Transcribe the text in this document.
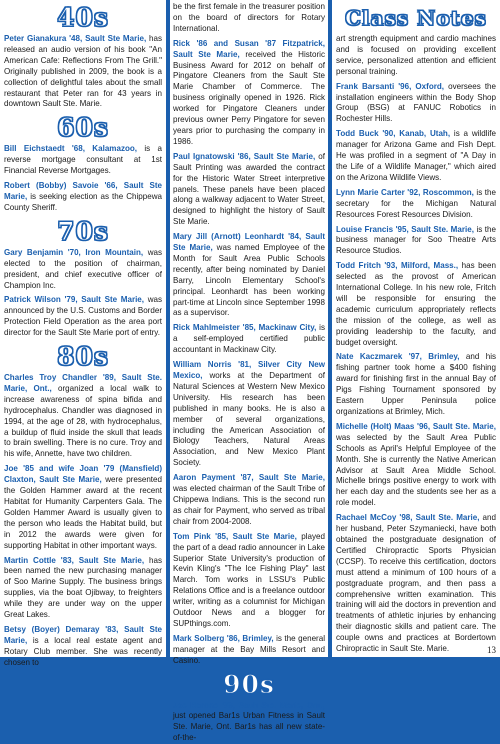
40s

Peter Gianakura '48, Sault Ste Marie, has released an audio version of his book "An American Cafe: Reflections From The Grill." Originally published in 2009, the book is a collection of delightful tales about the small restaurant that Peter ran for 43 years in downtown Sault Ste. Marie.

60s

Bill Eichstaedt '68, Kalamazoo, is a reverse mortgage consultant at 1st Financial Reverse Mortgages.

Robert (Bobby) Savoie '66, Sault Ste Marie, is seeking election as the Chippewa County Sheriff.

70s

Gary Benjamin '70, Iron Mountain, was elected to the position of chairman, president, and chief executive officer of Champion Inc.

Patrick Wilson '79, Sault Ste Marie, was announced by the U.S. Customs and Border Protection Field Operation as the area port director for the Sault Ste Marie port of entry.

80s

Charles Troy Chandler '89, Sault Ste. Marie, Ont., organized a local walk to increase awareness of spina bifida and hydrocephalus. Chandler was diagnosed in 1994, at the age of 28, with hydrocephalus, a buildup of fluid inside the skull that leads to brain swelling. There is no cure. Troy and his wife, Annette, have two children.

Joe '85 and wife Joan '79 (Mansfield) Claxton, Sault Ste Marie, were presented the Golden Hammer award at the recent Habitat for Humanity Carpenters Gala. The Golden Hammer Award is usually given to the person who leads the Habitat build, but in 2012 the awards were given for supporting Habitat in other important ways.

Martin Cottle '83, Sault Ste Marie, has been named the new purchasing manager of Soo Marine Supply. The business brings supplies, via the boat Ojibway, to freighters while they are under way on the upper Great Lakes.

Betsy (Boyer) Demaray '83, Sault Ste Marie, is a local real estate agent and Rotary Club member. She was recently chosen to

be the first female in the treasurer position on the board of directors for Rotary International.

Rick '86 and Susan '87 Fitzpatrick, Sault Ste Marie, received the Historic Business Award for 2012 on behalf of Pingatore Cleaners from the Sault Ste Marie Chamber of Commerce. The business originally opened in 1926. Rick worked for Pingatore Cleaners under previous owner Perry Pingatore for seven years prior to purchasing the company in 1986.

Paul Ignatowski '86, Sault Ste Marie, of Sault Printing was awarded the contract for the Historic Water Street interpretive panels. These panels have been placed along a walkway adjacent to Water Street, designed to highlight the history of Sault Ste Marie.

Mary Jill (Arnott) Leonhardt '84, Sault Ste Marie, was named Employee of the Month for Sault Area Public Schools recently, after being nominated by Daniel Barry, Lincoln Elementary School's principal. Leonhardt has been working part-time at Lincoln since September 1998 as a supervisor.

Rick Mahlmeister '85, Mackinaw City, is a self-employed certified public accountant in Mackinaw City.

William Norris '81, Silver City New Mexico, works at the Department of Natural Sciences at Western New Mexico University. His research has been published in many books. He is also a member of several organizations, including the American Association of Biology Teachers, Natural Areas Association, and New Mexico Plant Society.

Aaron Payment '87, Sault Ste Marie, was elected chairman of the Sault Tribe of Chippewa Indians. This is the second run as chair for Payment, who served as tribal chair from 2004-2008.

Tom Pink '85, Sault Ste Marie, played the part of a dead radio announcer in Lake Superior State University's production of Kevin Kling's "The Ice Fishing Play" last March. Tom works in LSSU's Public Relations Office and is a freelance outdoor writer, writing as a columnist for Michigan Outdoor News and a blogger for SUPthings.com.

Mark Solberg '86, Brimley, is the general manager at the Bay Mills Resort and Casino.

90s

Joe Barone '98, Sault Ste. Marie, Ont., just opened Bar1s Urban Fitness in Sault Ste. Marie, Ont. Bar1s has all new state-of-the-

Class Notes

art strength equipment and cardio machines and is focused on providing excellent service, personalized attention and efficient personal training.

Frank Barsanti '96, Oxford, oversees the installation engineers within the Body Shop Group (BSG) at FANUC Robotics in Rochester Hills.

Todd Buck '90, Kanab, Utah, is a wildlife manager for Arizona Game and Fish Dept. He was profiled in a segment of "A Day in the Life of a Wildlife Manager," which aired on the Arizona Wildlife Views.

Lynn Marie Carter '92, Roscommon, is the secretary for the Michigan Natural Resources Forest Resources Division.

Louise Francis '95, Sault Ste. Marie, is the business manager for Soo Theatre Arts Resource Studios.

Todd Fritch '93, Milford, Mass., has been selected as the provost of American International College. In his new role, Fritch will be responsible for ensuring the academic curriculum appropriately reflects the mission of the college, as well as providing leadership to the faculty, and budget oversight.

Nate Kaczmarek '97, Brimley, and his fishing partner took home a $400 fishing award for finishing first in the annual Bay of Pigs Fishing Tournament sponsored by Eastern Upper Peninsula police organizations at Brimley, Mich.

Michelle (Holt) Maas '96, Sault Ste. Marie, was selected by the Sault Area Public Schools as April's Helpful Employee of the Month. She is currently the Native American Advisor at Sault Area Middle School. Michelle brings positive energy to work with her each day and the students see her as a role model.

Rachael McCoy '98, Sault Ste. Marie, and her husband, Peter Szymaniecki, have both obtained the postgraduate designation of Certified Chiropractic Sports Physician (CCSP). To receive this certification, doctors must attend a minimum of 100 hours of a postgraduate program, and then pass a comprehensive written examination. This training will aid the doctors in prevention and treatments of athletic injuries by enhancing their diagnostic skills and patient care. The couple owns and practices at Bordertown Chiropractic in Sault Ste. Marie.	13
